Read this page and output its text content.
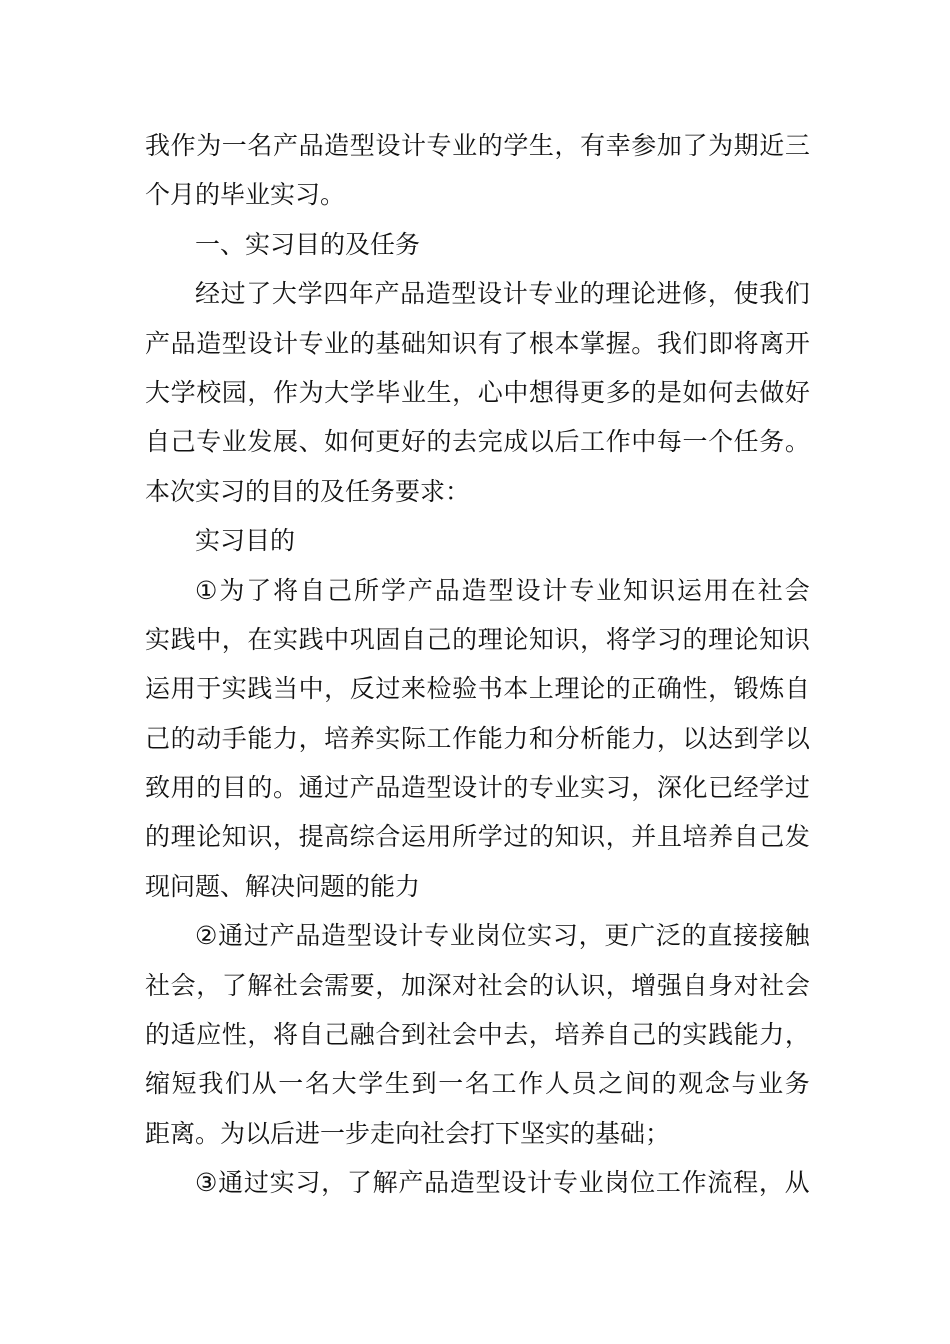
我 作 为 一 名 产 品 造 型 设 计 专 业 的 学 生 ， 有 幸 参 加 了 为 期 近 三
个月的毕业实习。
一、实习目的及任务
经 过 了 大 学 四 年 产 品 造 型 设 计 专 业 的 理 论 进 修 ， 使 我 们
产 品 造 型 设 计 专 业 的 基 础 知 识 有 了 根 本 掌 握 。 我 们 即 将 离 开
大 学 校 园 ， 作 为 大 学 毕 业 生 ， 心 中 想 得 更 多 的 是 如 何 去 做 好
自 己 专 业 发 展 、 如 何 更 好 的 去 完 成 以 后 工 作 中 每 一 个 任 务 。
本次实习的目的及任务要求：
实习目的
① 为 了 将 自 己 所 学 产 品 造 型 设 计 专 业 知 识 运 用 在 社 会
实 践 中 ， 在 实 践 中 巩 固 自 己 的 理 论 知 识 ， 将 学 习 的 理 论 知 识
运 用 于 实 践 当 中 ， 反 过 来 检 验 书 本 上 理 论 的 正 确 性 ， 锻 炼 自
己 的 动 手 能 力 ， 培 养 实 际 工 作 能 力 和 分 析 能 力 ， 以 达 到 学 以
致 用 的 目 的 。 通 过 产 品 造 型 设 计 的 专 业 实 习 ， 深 化 已 经 学 过
的 理 论 知 识 ， 提 高 综 合 运 用 所 学 过 的 知 识 ， 并 且 培 养 自 己 发
现问题、解决问题的能力
② 通 过 产 品 造 型 设 计 专 业 岗 位 实 习 ， 更 广 泛 的 直 接 接 触
社 会 ， 了 解 社 会 需 要 ， 加 深 对 社 会 的 认 识 ， 增 强 自 身 对 社 会
的 适 应 性 ， 将 自 己 融 合 到 社 会 中 去 ， 培 养 自 己 的 实 践 能 力 ，
缩 短 我 们 从 一 名 大 学 生 到 一 名 工 作 人 员 之 间 的 观 念 与 业 务
距离。为以后进一步走向社会打下坚实的基础；
③ 通 过 实 习 ， 了 解 产 品 造 型 设 计 专 业 岗 位 工 作 流 程 ， 从
